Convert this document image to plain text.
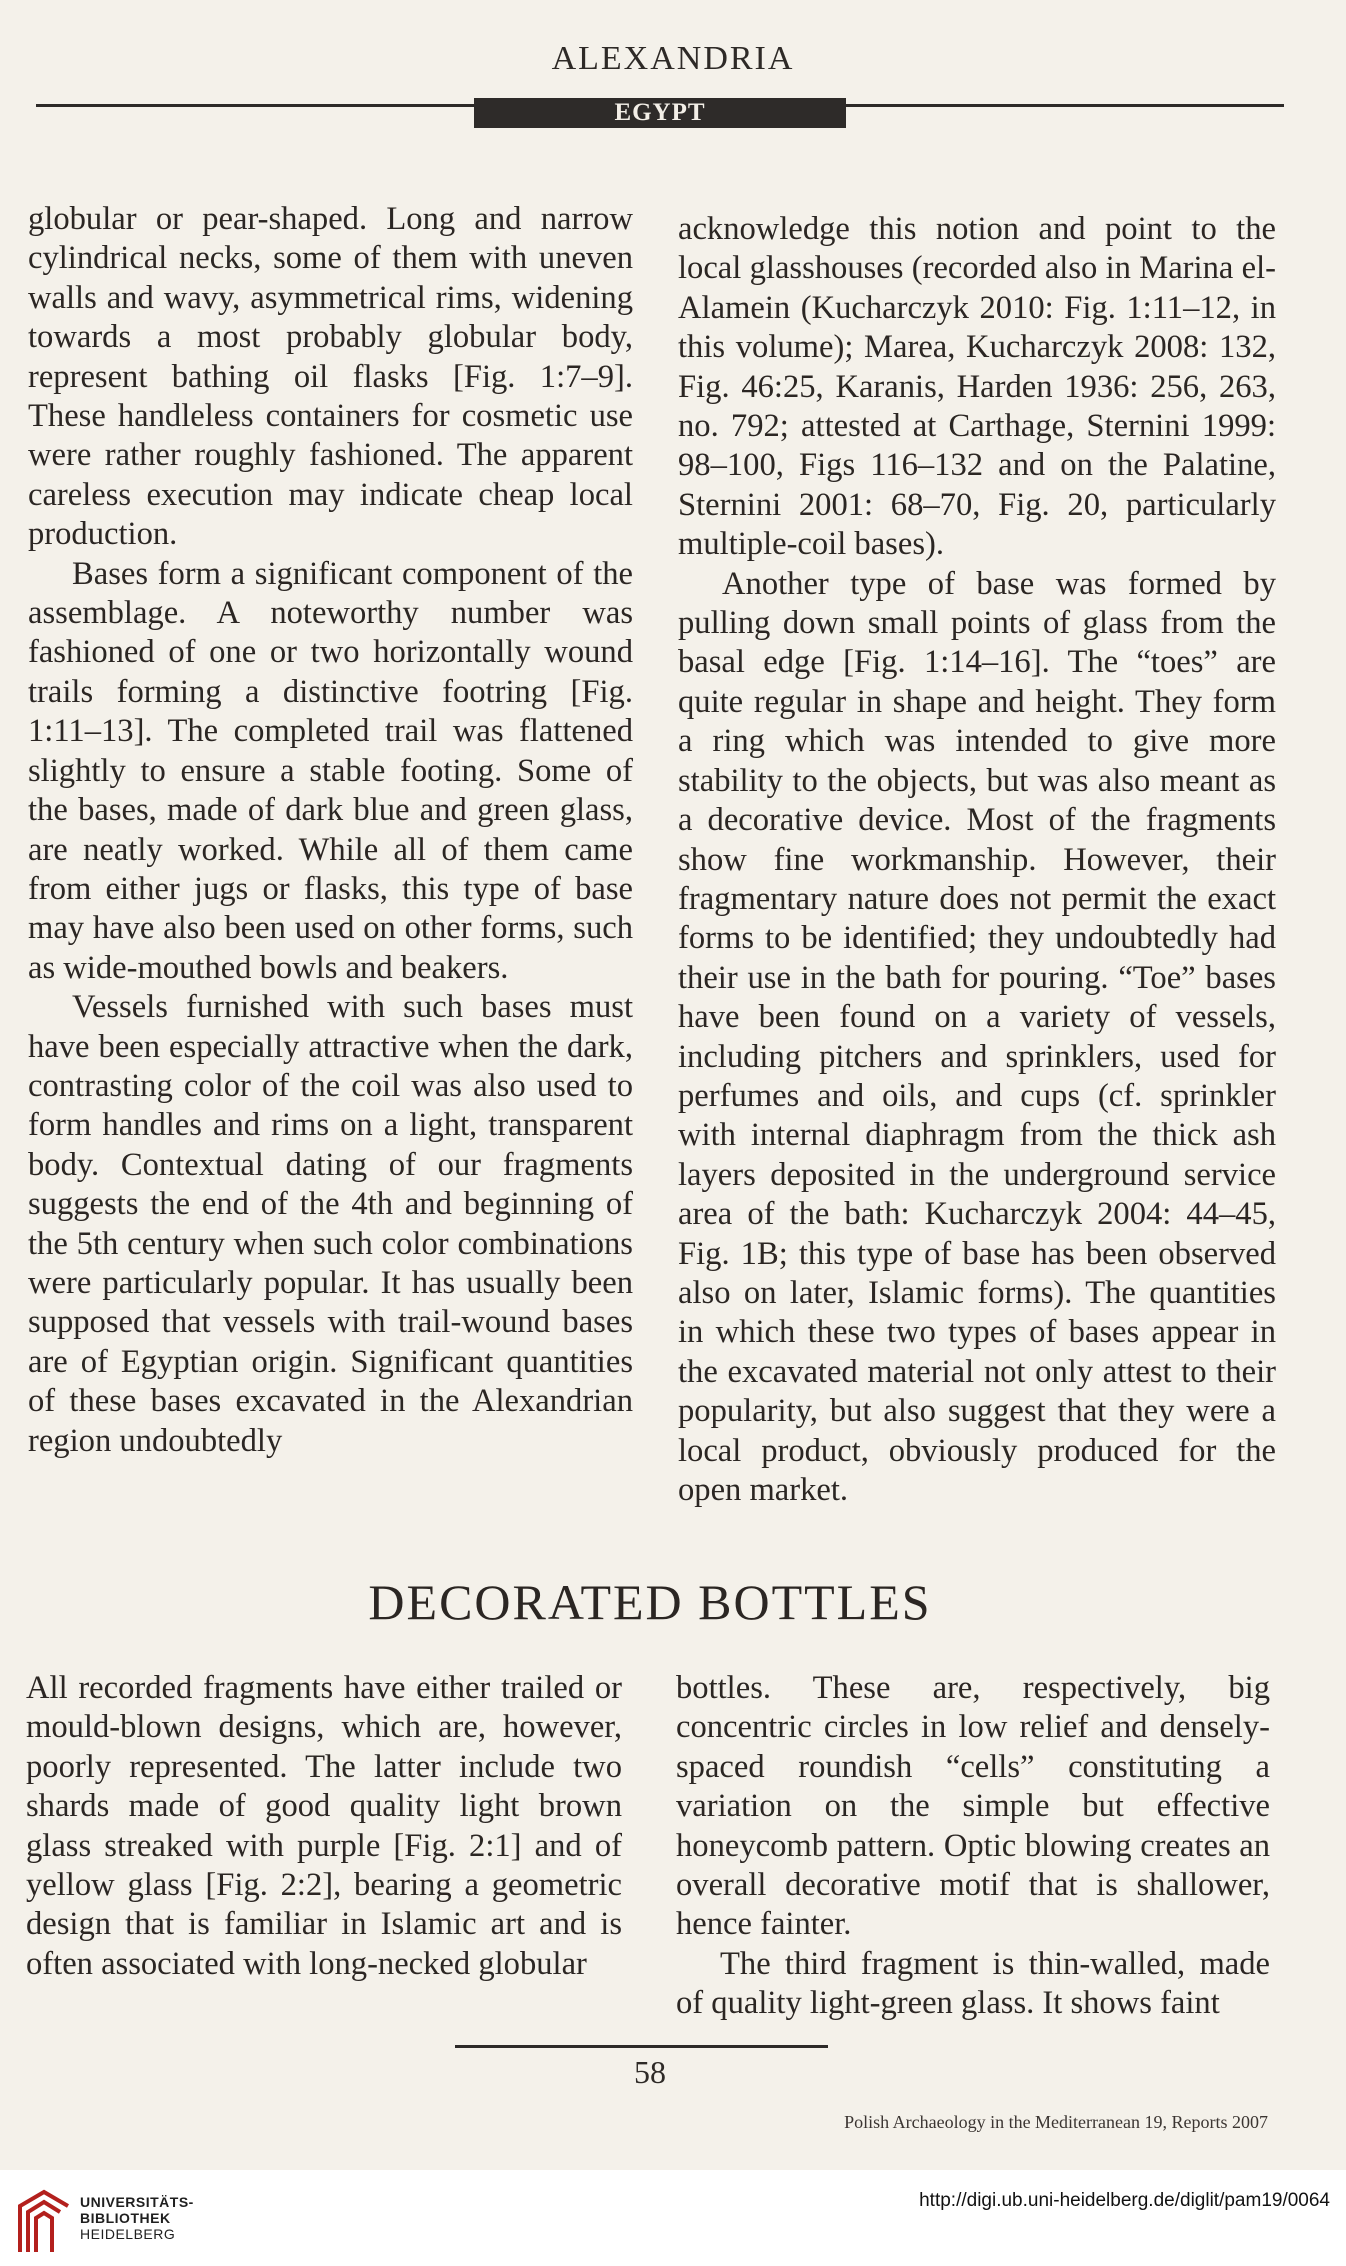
ALEXANDRIA
EGYPT

globular or pear-shaped. Long and narrow cylindrical necks, some of them with uneven walls and wavy, asymmetrical rims, widening towards a most probably globular body, represent bathing oil flasks [Fig. 1:7–9]. These handleless containers for cosmetic use were rather roughly fashioned. The apparent careless execution may indicate cheap local production.

Bases form a significant component of the assemblage. A noteworthy number was fashioned of one or two horizontally wound trails forming a distinctive footring [Fig. 1:11–13]. The completed trail was flattened slightly to ensure a stable footing. Some of the bases, made of dark blue and green glass, are neatly worked. While all of them came from either jugs or flasks, this type of base may have also been used on other forms, such as wide-mouthed bowls and beakers.

Vessels furnished with such bases must have been especially attractive when the dark, contrasting color of the coil was also used to form handles and rims on a light, transparent body. Contextual dating of our fragments suggests the end of the 4th and beginning of the 5th century when such color combinations were particularly popular. It has usually been supposed that vessels with trail-wound bases are of Egyptian origin. Significant quantities of these bases excavated in the Alexandrian region undoubtedly

acknowledge this notion and point to the local glasshouses (recorded also in Marina el-Alamein (Kucharczyk 2010: Fig. 1:11–12, in this volume); Marea, Kucharczyk 2008: 132, Fig. 46:25, Karanis, Harden 1936: 256, 263, no. 792; attested at Carthage, Sternini 1999: 98–100, Figs 116–132 and on the Palatine, Sternini 2001: 68–70, Fig. 20, particularly multiple-coil bases).

Another type of base was formed by pulling down small points of glass from the basal edge [Fig. 1:14–16]. The “toes” are quite regular in shape and height. They form a ring which was intended to give more stability to the objects, but was also meant as a decorative device. Most of the fragments show fine workmanship. However, their fragmentary nature does not permit the exact forms to be identified; they undoubtedly had their use in the bath for pouring. “Toe” bases have been found on a variety of vessels, including pitchers and sprinklers, used for perfumes and oils, and cups (cf. sprinkler with internal diaphragm from the thick ash layers deposited in the underground service area of the bath: Kucharczyk 2004: 44–45, Fig. 1B; this type of base has been observed also on later, Islamic forms). The quantities in which these two types of bases appear in the excavated material not only attest to their popularity, but also suggest that they were a local product, obviously produced for the open market.

DECORATED BOTTLES

All recorded fragments have either trailed or mould-blown designs, which are, however, poorly represented. The latter include two shards made of good quality light brown glass streaked with purple [Fig. 2:1] and of yellow glass [Fig. 2:2], bearing a geometric design that is familiar in Islamic art and is often associated with long-necked globular

bottles. These are, respectively, big concentric circles in low relief and densely-spaced roundish “cells” constituting a variation on the simple but effective honeycomb pattern. Optic blowing creates an overall decorative motif that is shallower, hence fainter.

The third fragment is thin-walled, made of quality light-green glass. It shows faint

58
Polish Archaeology in the Mediterranean 19, Reports 2007
UNIVERSITÄTS-
BIBLIOTHEK
HEIDELBERG
http://digi.ub.uni-heidelberg.de/diglit/pam19/0064
